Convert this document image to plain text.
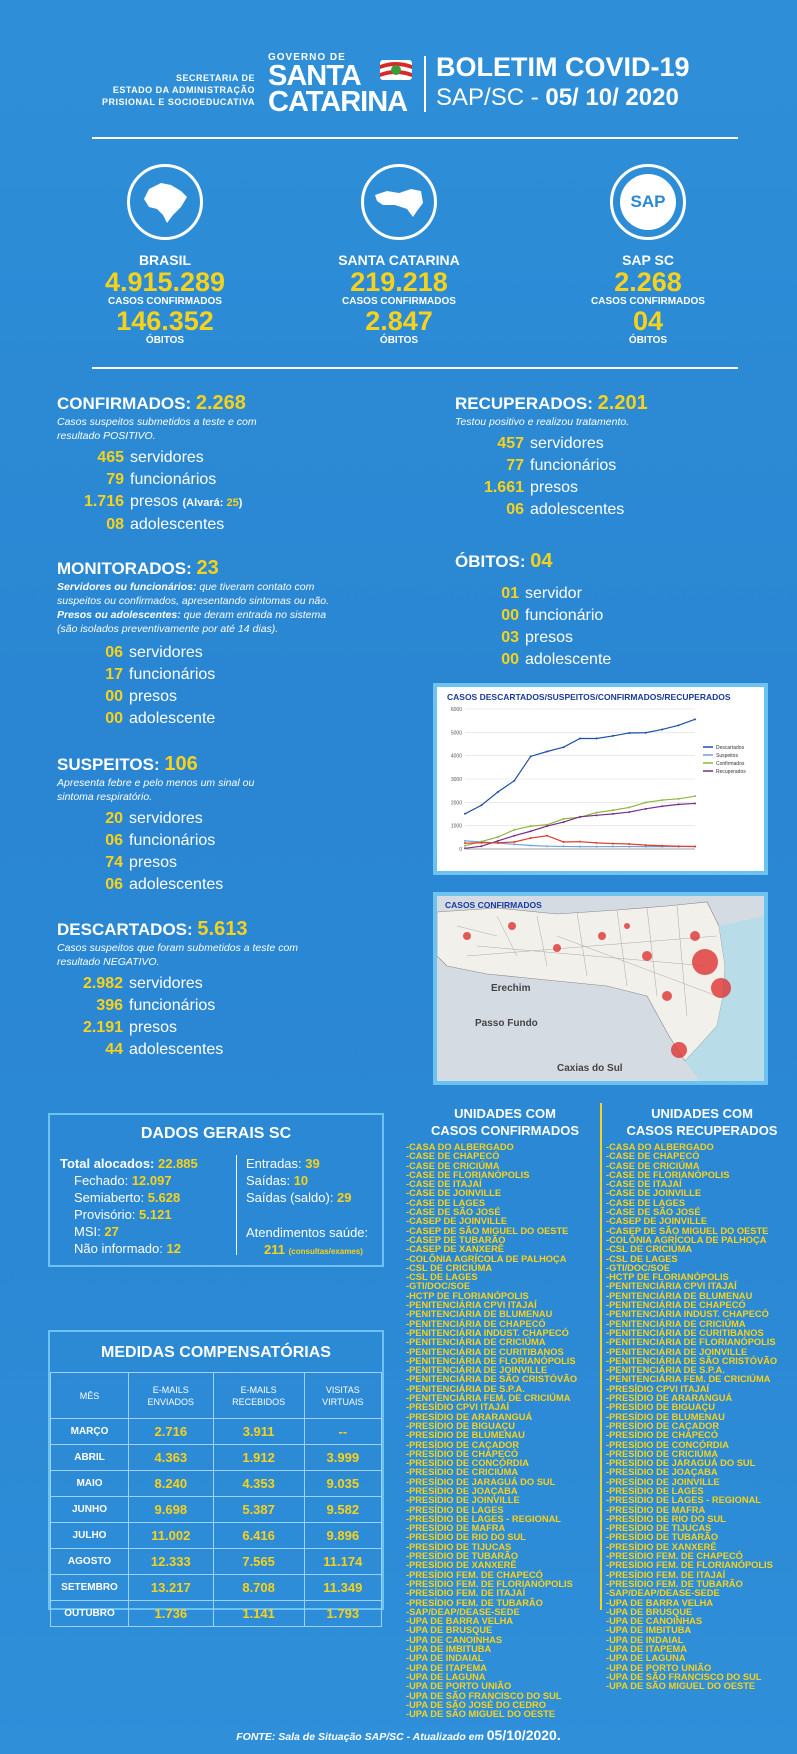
SECRETARIA DE
ESTADO DA ADMINISTRAÇÃO
PRISIONAL E SOCIOEDUCATIVA
GOVERNO DE
SANTA
CATARINA
BOLETIM COVID-19
SAP/SC - 05/ 10/ 2020
BRASIL
4.915.289
CASOS CONFIRMADOS
146.352
ÓBITOS
SANTA CATARINA
219.218
CASOS CONFIRMADOS
2.847
ÓBITOS
SAP
SAP SC
2.268
CASOS CONFIRMADOS
04
ÓBITOS
CONFIRMADOS: 2.268
Casos suspeitos submetidos a teste e com
resultado POSITIVO.
465 servidores
79 funcionários
1.716 presos (Alvará: 25)
08 adolescentes
MONITORADOS: 23
Servidores ou funcionários: que tiveram contato com
suspeitos ou confirmados, apresentando sintomas ou não.
Presos ou adolescentes: que deram entrada no sistema
(são isolados preventivamente por até 14 dias).
06 servidores
17 funcionários
00 presos
00 adolescente
SUSPEITOS: 106
Apresenta febre e pelo menos um sinal ou
sintoma respiratório.
20 servidores
06 funcionários
74 presos
06 adolescentes
DESCARTADOS: 5.613
Casos suspeitos que foram submetidos a teste com
resultado NEGATIVO.
2.982 servidores
396 funcionários
2.191 presos
44 adolescentes
RECUPERADOS: 2.201
Testou positivo e realizou tratamento.
457 servidores
77 funcionários
1.661 presos
06 adolescentes
ÓBITOS: 04
01 servidor
00 funcionário
03 presos
00 adolescente
CASOS DESCARTADOS/SUSPEITOS/CONFIRMADOS/RECUPERADOS
6000
5000
4000
3000
2000
1000
0
Descartados
Suspeitos
Confirmados
Recuperados
CASOS CONFIRMADOS
Erechim
Passo Fundo
Caxias do Sul
DADOS GERAIS SC
Total alocados: 22.885
Fechado: 12.097
Semiaberto: 5.628
Provisório: 5.121
MSI: 27
Não informado: 12
Entradas: 39
Saídas: 10
Saídas (saldo): 29
Atendimentos saúde:
211 (consultas/exames)
MEDIDAS COMPENSATÓRIAS
MÊS	E-MAILS ENVIADOS	E-MAILS RECEBIDOS	VISITAS VIRTUAIS
MARÇO	2.716	3.911	--
ABRIL	4.363	1.912	3.999
MAIO	8.240	4.353	9.035
JUNHO	9.698	5.387	9.582
JULHO	11.002	6.416	9.896
AGOSTO	12.333	7.565	11.174
SETEMBRO	13.217	8.708	11.349
OUTUBRO	1.736	1.141	1.793
UNIDADES COM
CASOS CONFIRMADOS
UNIDADES COM
CASOS RECUPERADOS
-CASA DO ALBERGADO
-CASE DE CHAPECÓ
-CASE DE CRICIÚMA
-CASE DE FLORIANÓPOLIS
-CASE DE ITAJAÍ
-CASE DE JOINVILLE
-CASE DE LAGES
-CASE DE SÃO JOSÉ
-CASEP DE JOINVILLE
-CASEP DE SÃO MIGUEL DO OESTE
-CASEP DE TUBARÃO
-CASEP DE XANXERÊ
-COLÔNIA AGRÍCOLA DE PALHOÇA
-CSL DE CRICIÚMA
-CSL DE LAGES
-GTI/DOC/SOE
-HCTP DE FLORIANÓPOLIS
-PENITENCIÁRIA CPVI ITAJAÍ
-PENITENCIÁRIA DE BLUMENAU
-PENITENCIÁRIA DE CHAPECÓ
-PENITENCIÁRIA INDUST. CHAPECÓ
-PENITENCIÁRIA DE CRICIÚMA
-PENITENCIÁRIA DE CURITIBANOS
-PENITENCIÁRIA DE FLORIANÓPOLIS
-PENITENCIÁRIA DE JOINVILLE
-PENITENCIÁRIA DE SÃO CRISTÓVÃO
-PENITENCIÁRIA DE S.P.A.
-PENITENCIÁRIA FEM. DE CRICIÚMA
-PRESÍDIO CPVI ITAJAÍ
-PRESÍDIO DE ARARANGUÁ
-PRESÍDIO DE BIGUAÇU
-PRESÍDIO DE BLUMENAU
-PRESÍDIO DE CAÇADOR
-PRESÍDIO DE CHAPECÓ
-PRESÍDIO DE CONCÓRDIA
-PRESÍDIO DE CRICIÚMA
-PRESÍDIO DE JARAGUÁ DO SUL
-PRESÍDIO DE JOAÇABA
-PRESÍDIO DE JOINVILLE
-PRESÍDIO DE LAGES
-PRESÍDIO DE LAGES - REGIONAL
-PRESÍDIO DE MAFRA
-PRESÍDIO DE RIO DO SUL
-PRESÍDIO DE TIJUCAS
-PRESÍDIO DE TUBARÃO
-PRESÍDIO DE XANXERÊ
-PRESÍDIO FEM. DE CHAPECÓ
-PRESÍDIO FEM. DE FLORIANÓPOLIS
-PRESÍDIO FEM. DE ITAJAÍ
-PRESÍDIO FEM. DE TUBARÃO
-SAP/DEAP/DEASE-SEDE
-UPA DE BARRA VELHA
-UPA DE BRUSQUE
-UPA DE CANOINHAS
-UPA DE IMBITUBA
-UPA DE INDAIAL
-UPA DE ITAPEMA
-UPA DE LAGUNA
-UPA DE PORTO UNIÃO
-UPA DE SÃO FRANCISCO DO SUL
-UPA DE SÃO JOSÉ DO CEDRO
-UPA DE SÃO MIGUEL DO OESTE
-CASA DO ALBERGADO
-CASE DE CHAPECÓ
-CASE DE CRICIÚMA
-CASE DE FLORIANÓPOLIS
-CASE DE ITAJAÍ
-CASE DE JOINVILLE
-CASE DE LAGES
-CASE DE SÃO JOSÉ
-CASEP DE JOINVILLE
-CASEP DE SÃO MIGUEL DO OESTE
-COLÔNIA AGRÍCOLA DE PALHOÇA
-CSL DE CRICIÚMA
-CSL DE LAGES
-GTI/DOC/SOE
-HCTP DE FLORIANÓPOLIS
-PENITENCIÁRIA CPVI ITAJAÍ
-PENITENCIÁRIA DE BLUMENAU
-PENITENCIÁRIA DE CHAPECÓ
-PENITENCIÁRIA INDUST. CHAPECÓ
-PENITENCIÁRIA DE CRICIÚMA
-PENITENCIÁRIA DE CURITIBANOS
-PENITENCIÁRIA DE FLORIANÓPOLIS
-PENITENCIÁRIA DE JOINVILLE
-PENITENCIÁRIA DE SÃO CRISTÓVÃO
-PENITENCIÁRIA DE S.P.A.
-PENITENCIÁRIA FEM. DE CRICIÚMA
-PRESÍDIO CPVI ITAJAÍ
-PRESÍDIO DE ARARANGUÁ
-PRESÍDIO DE BIGUAÇU
-PRESÍDIO DE BLUMENAU
-PRESÍDIO DE CAÇADOR
-PRESÍDIO DE CHAPECÓ
-PRESÍDIO DE CONCÓRDIA
-PRESÍDIO DE CRICIÚMA
-PRESÍDIO DE JARAGUÁ DO SUL
-PRESÍDIO DE JOAÇABA
-PRESÍDIO DE JOINVILLE
-PRESÍDIO DE LAGES
-PRESÍDIO DE LAGES - REGIONAL
-PRESÍDIO DE MAFRA
-PRESÍDIO DE RIO DO SUL
-PRESÍDIO DE TIJUCAS
-PRESÍDIO DE TUBARÃO
-PRESÍDIO DE XANXERÊ
-PRESÍDIO FEM. DE CHAPECÓ
-PRESÍDIO FEM. DE FLORIANÓPOLIS
-PRESÍDIO FEM. DE ITAJAÍ
-PRESÍDIO FEM. DE TUBARÃO
-SAP/DEAP/DEASE-SEDE
-UPA DE BARRA VELHA
-UPA DE BRUSQUE
-UPA DE CANOINHAS
-UPA DE IMBITUBA
-UPA DE INDAIAL
-UPA DE ITAPEMA
-UPA DE LAGUNA
-UPA DE PORTO UNIÃO
-UPA DE SÃO FRANCISCO DO SUL
-UPA DE SÃO MIGUEL DO OESTE
FONTE: Sala de Situação SAP/SC - Atualizado em 05/10/2020.
